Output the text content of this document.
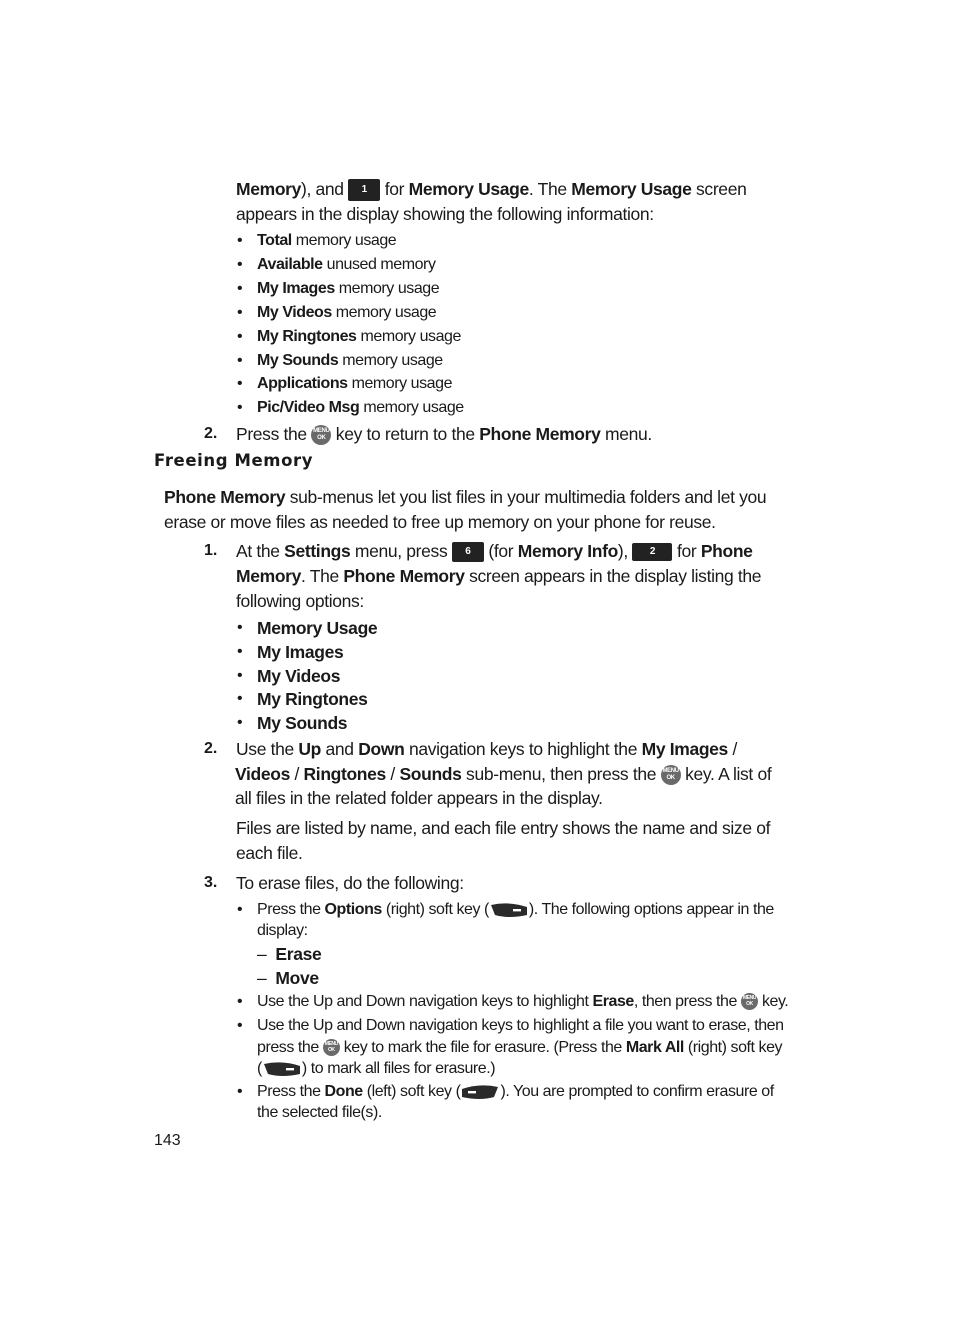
Memory), and 1 for Memory Usage. The Memory Usage screen
appears in the display showing the following information:
• Total memory usage
• Available unused memory
• My Images memory usage
• My Videos memory usage
• My Ringtones memory usage
• My Sounds memory usage
• Applications memory usage
• Pic/Video Msg memory usage
2. Press the MENU
OK key to return to the Phone Memory menu.
Freeing Memory
Phone Memory sub-menus let you list files in your multimedia folders and let you
erase or move files as needed to free up memory on your phone for reuse.
1. At the Settings menu, press 6 (for Memory Info), 2 for Phone
Memory. The Phone Memory screen appears in the display listing the
following options:
• Memory Usage
• My Images
• My Videos
• My Ringtones
• My Sounds
2. Use the Up and Down navigation keys to highlight the My Images /
Videos / Ringtones / Sounds sub-menu, then press the MENU
OK key. A list of
all files in the related folder appears in the display.
Files are listed by name, and each file entry shows the name and size of
each file.
3. To erase files, do the following:
• Press the Options (right) soft key (	). The following options appear in the
display:
–  Erase
–  Move
• Use the Up and Down navigation keys to highlight Erase, then press the MENU
OK key.
• Use the Up and Down navigation keys to highlight a file you want to erase, then
press the MENU
OK key to mark the file for erasure. (Press the Mark All (right) soft key
(	) to mark all files for erasure.)
• Press the Done (left) soft key (	). You are prompted to confirm erasure of
the selected file(s).
143
